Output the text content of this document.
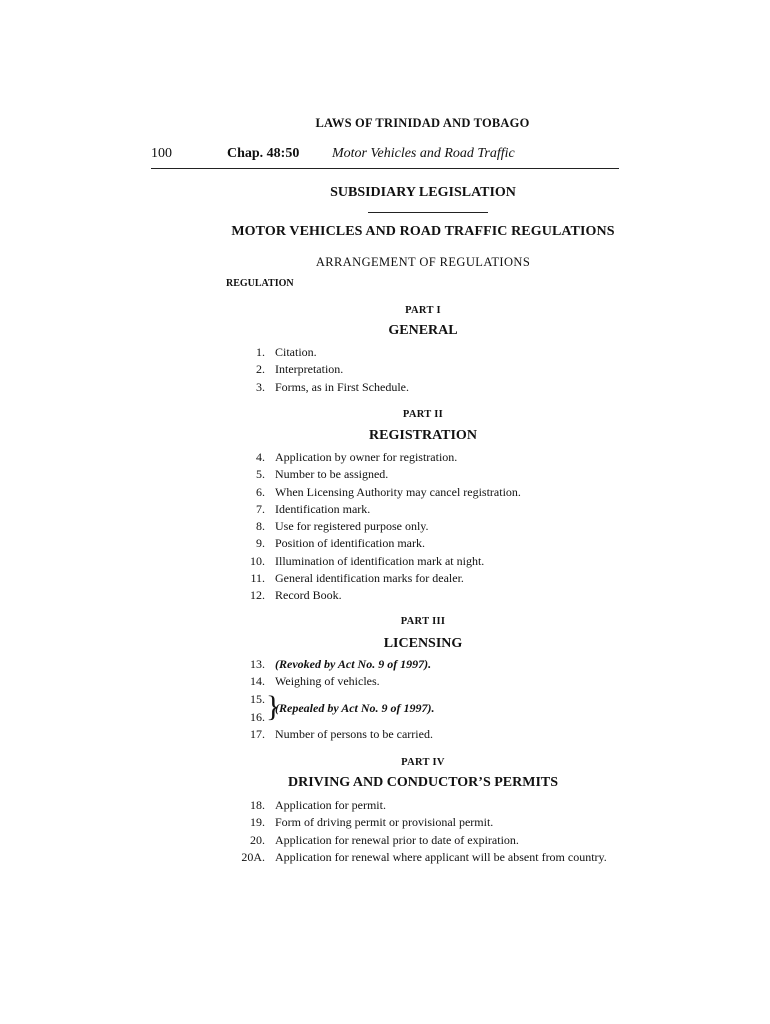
LAWS OF TRINIDAD AND TOBAGO
100	Chap. 48:50 Motor Vehicles and Road Traffic
SUBSIDIARY LEGISLATION
MOTOR VEHICLES AND ROAD TRAFFIC REGULATIONS
ARRANGEMENT OF REGULATIONS
REGULATION
PART I
GENERAL
1. Citation.
2. Interpretation.
3. Forms, as in First Schedule.
PART II
REGISTRATION
4. Application by owner for registration.
5. Number to be assigned.
6. When Licensing Authority may cancel registration.
7. Identification mark.
8. Use for registered purpose only.
9. Position of identification mark.
10. Illumination of identification mark at night.
11. General identification marks for dealer.
12. Record Book.
PART III
LICENSING
13. (Revoked by Act No. 9 of 1997).
14. Weighing of vehicles.
15.
16. }
(Repealed by Act No. 9 of 1997).
17. Number of persons to be carried.
PART IV
DRIVING AND CONDUCTOR’S PERMITS
18. Application for permit.
19. Form of driving permit or provisional permit.
20. Application for renewal prior to date of expiration.
20A. Application for renewal where applicant will be absent from country.
